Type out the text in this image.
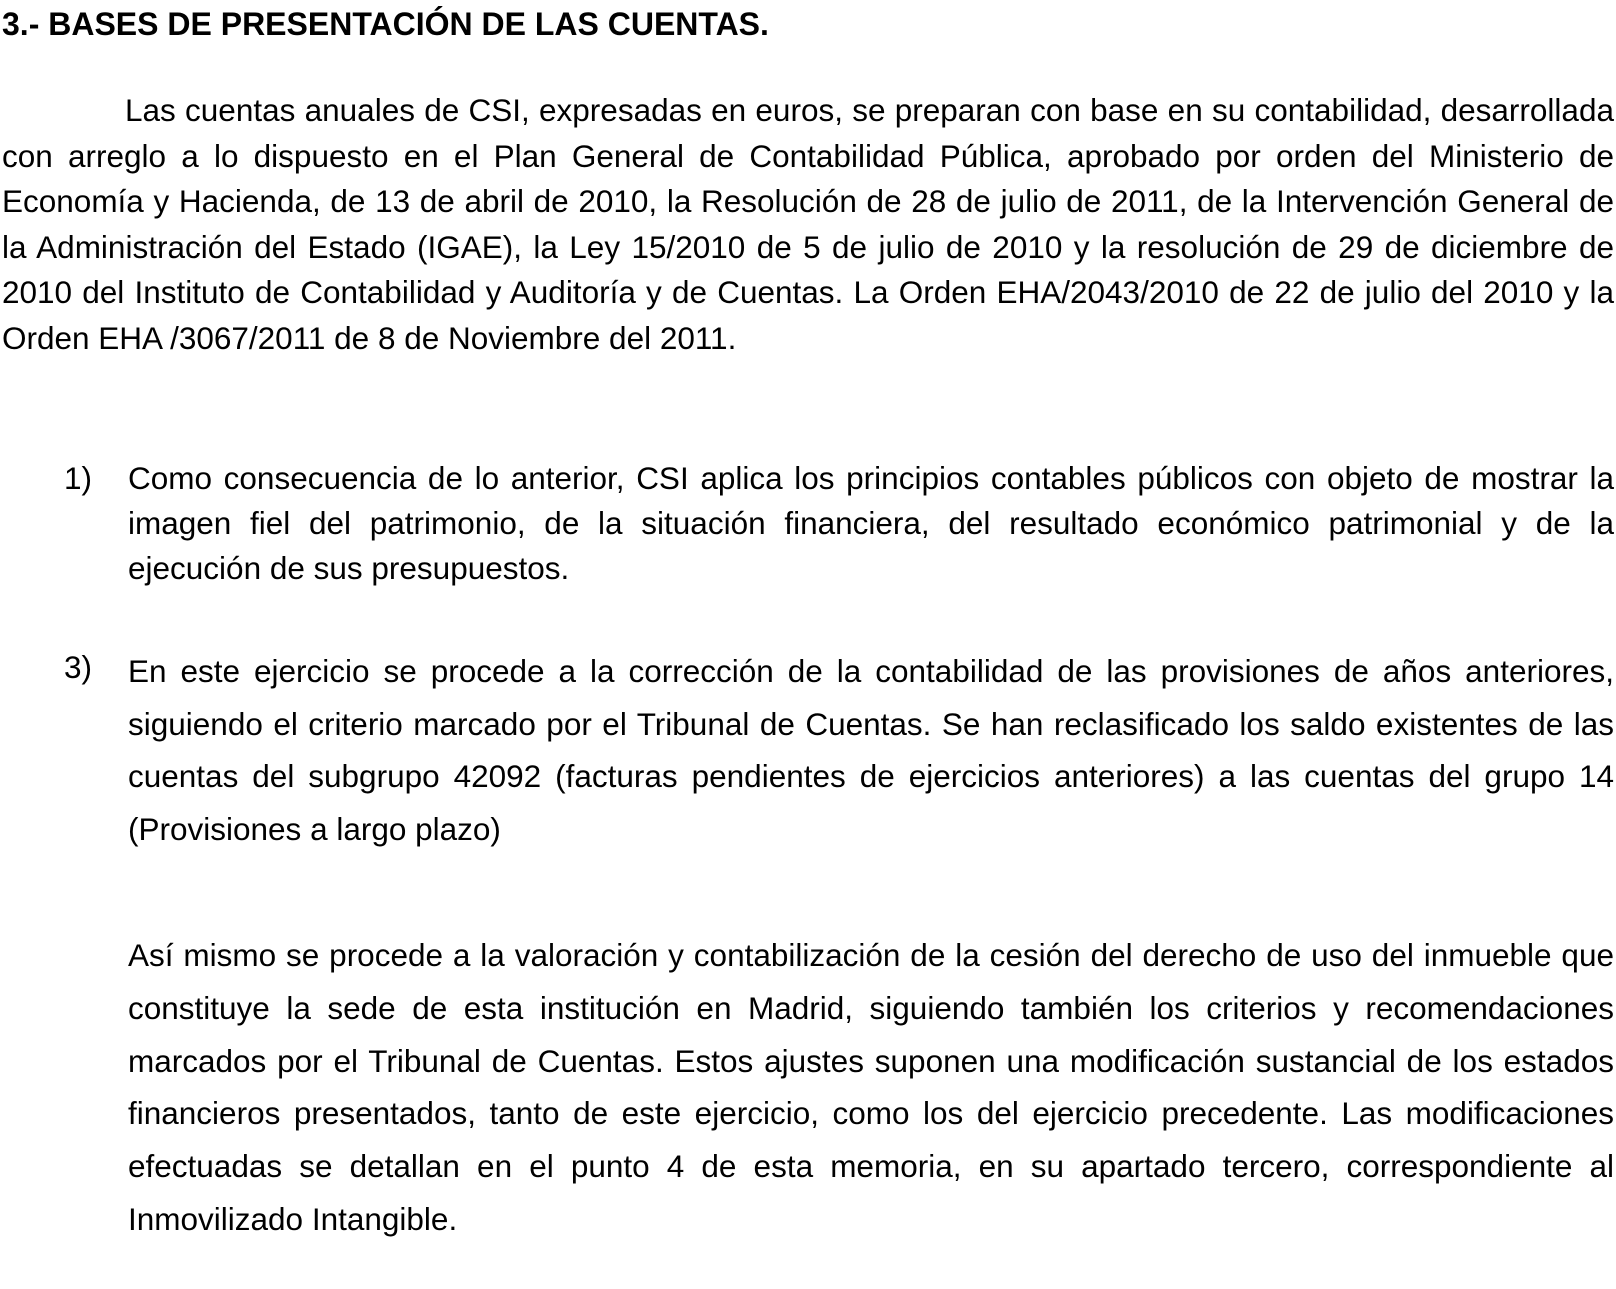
3.- BASES DE PRESENTACIÓN DE LAS CUENTAS.

Las cuentas anuales de CSI, expresadas en euros, se preparan con base en su contabilidad, desarrollada con arreglo a lo dispuesto en el Plan General de Contabilidad Pública, aprobado por orden del Ministerio de Economía y Hacienda, de 13 de abril de 2010, la Resolución de 28 de julio de 2011, de la Intervención General de la Administración del Estado (IGAE), la Ley 15/2010 de 5 de julio de 2010 y la resolución de 29 de diciembre de 2010 del Instituto de Contabilidad y Auditoría y de Cuentas. La Orden EHA/2043/2010 de 22 de julio del 2010 y la Orden EHA /3067/2011 de 8 de Noviembre del 2011.

1) Como consecuencia de lo anterior, CSI aplica los principios contables públicos con objeto de mostrar la imagen fiel del patrimonio, de la situación financiera, del resultado económico patrimonial y de la ejecución de sus presupuestos.

3) En este ejercicio se procede a la corrección de la contabilidad de las provisiones de años anteriores, siguiendo el criterio marcado por el Tribunal de Cuentas. Se han reclasificado los saldo existentes de las cuentas del subgrupo 42092 (facturas pendientes de ejercicios anteriores) a las cuentas del grupo 14 (Provisiones a largo plazo)

Así mismo se procede a la valoración y contabilización de la cesión del derecho de uso del inmueble que constituye la sede de esta institución en Madrid, siguiendo también los criterios y recomendaciones marcados por el Tribunal de Cuentas. Estos ajustes suponen una modificación sustancial de los estados financieros presentados, tanto de este ejercicio, como los del ejercicio precedente. Las modificaciones efectuadas se detallan en el punto 4 de esta memoria, en su apartado tercero, correspondiente al Inmovilizado Intangible.
